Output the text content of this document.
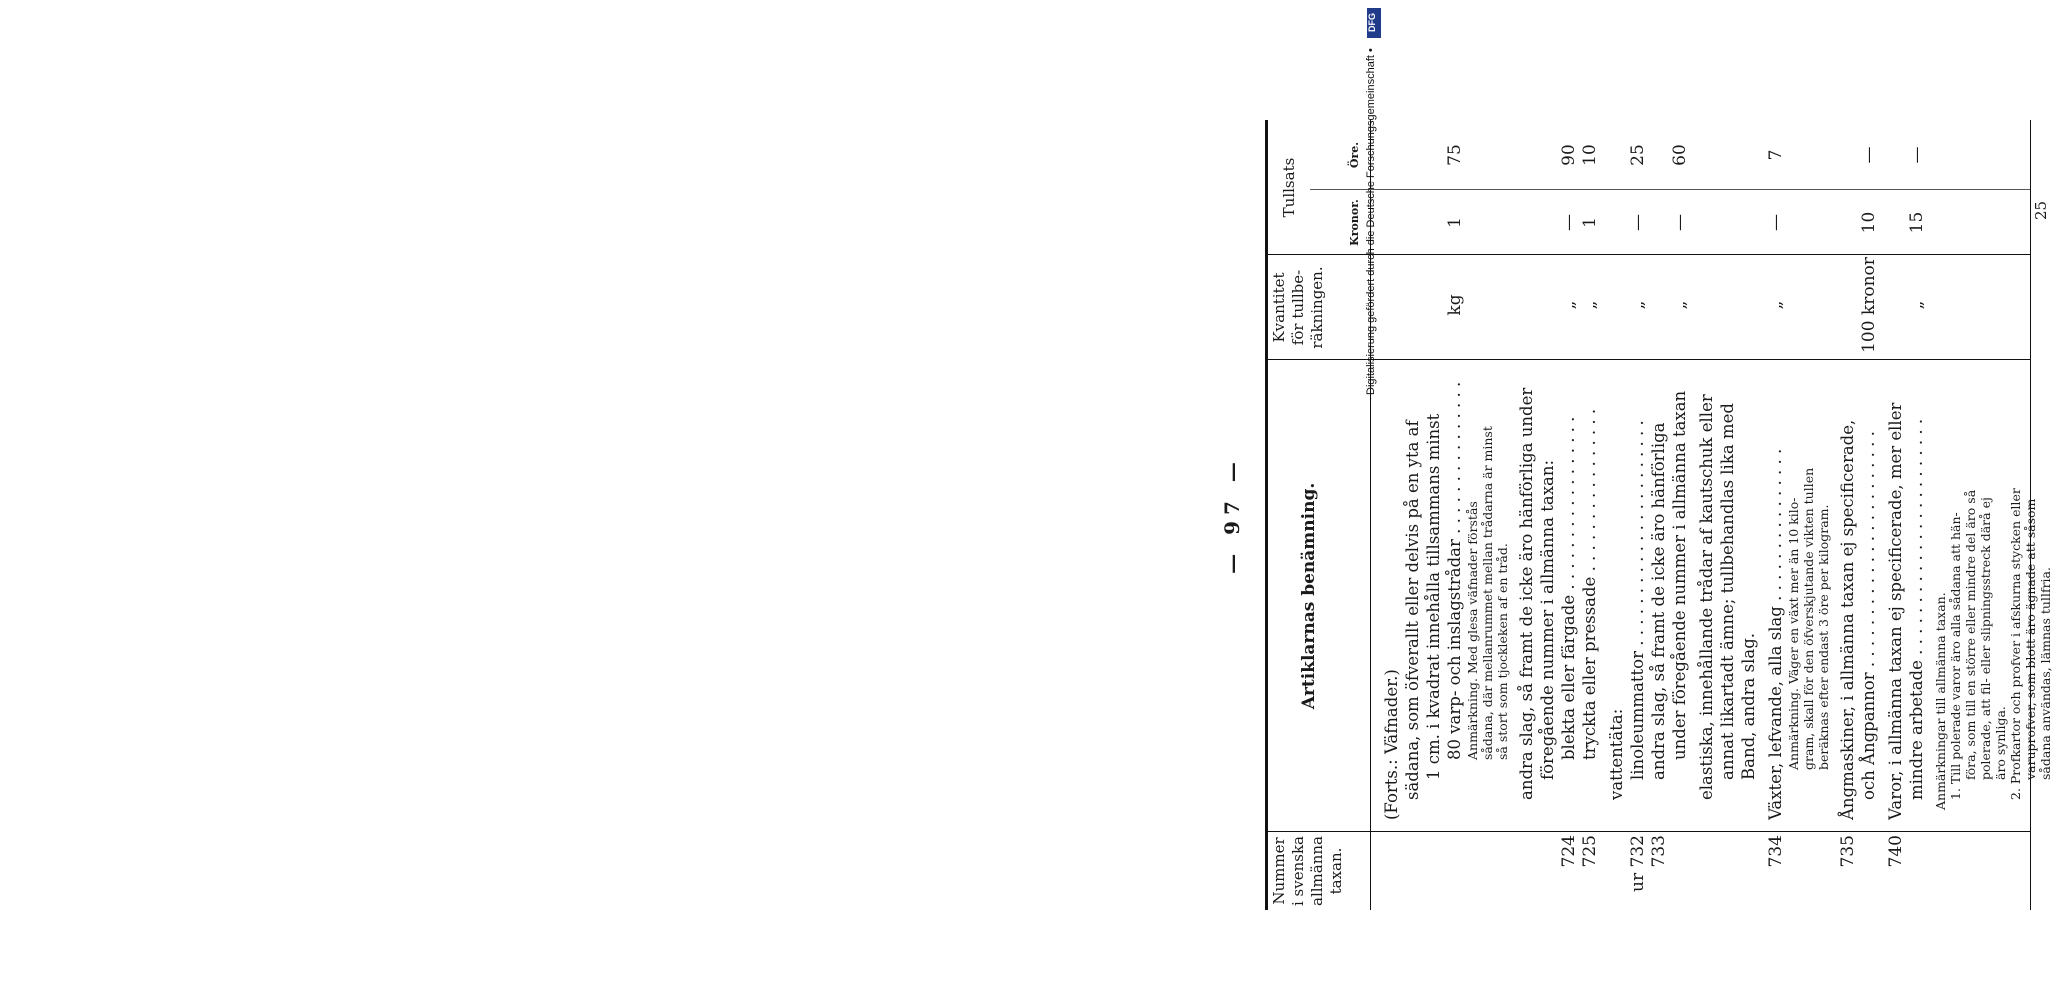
— 97 —
Nummer i svenska allmänna taxan.
Artiklarnas benämning.
Kvantitet för tullbe- räkningen.
Tullsats
Kronor.
Öre.
(Forts.: Väfnader.) sädana, som öfverallt eller delvis på en yta af 1 cm. i kvadrat innehålla tillsammans minst 80 varp- och inslagstrådar . . . . . . . . . . . . . . .
kg
1
75
Anmärkning. Med glesa väfnader förstås sådana, där mellanrummet mellan trådarna är minst så stort som tjockleken af en tråd. andra slag, så framt de icke äro hänförliga under föregående nummer i allmänna taxan: blekta eller färgade . . . . . . . . . . . . . . . . .
724
„
—
90
tryckta eller pressade . . . . . . . . . . . . . . . .
725
„
1
10
vattentäta: linoleummattor . . . . . . . . . . . . . . . . . . . . . .
ur 732
„
—
25
andra slag, så framt de icke äro hänförliga
733
under föregående nummer i allmänna taxan
„
—
60
elastiska, innehållande trådar af kautschuk eller annat likartadt ämne; tullbehandlas lika med Band, andra slag. Växter, lefvande, alla slag . . . . . . . . . . . . . . .
734
„
—
7
Anmärkning. Väger en växt mer än 10 kilo- gram, skall för den öfverskjutande vikten tullen beräknas efter endast 3 öre per kilogram. Ångmaskiner, i allmänna taxan ej specificerade,
735
och Ångpannor . . . . . . . . . . . . . . . . . . . . . . .
100 kronor
10
—
Varor, i allmänna taxan ej specificerade, mer eller
740
mindre arbetade . . . . . . . . . . . . . . . . . . . . . . .
„
15
—
Anmärkningar till allmänna taxan. 1. Till polerade varor äro alla sådana att hän- föra, som till en större eller mindre del äro så polerade, att fil- eller slipningsstreck därå ej äro synliga. 2. Profkartor och profver i afskurna stycken eller varuprofver, som blott äro ägnade att såsom sådana användas, lämnas tullfria.
25
DFG
Digitalisierung gefördert durch die Deutsche Forschungsgemeinschaft •
